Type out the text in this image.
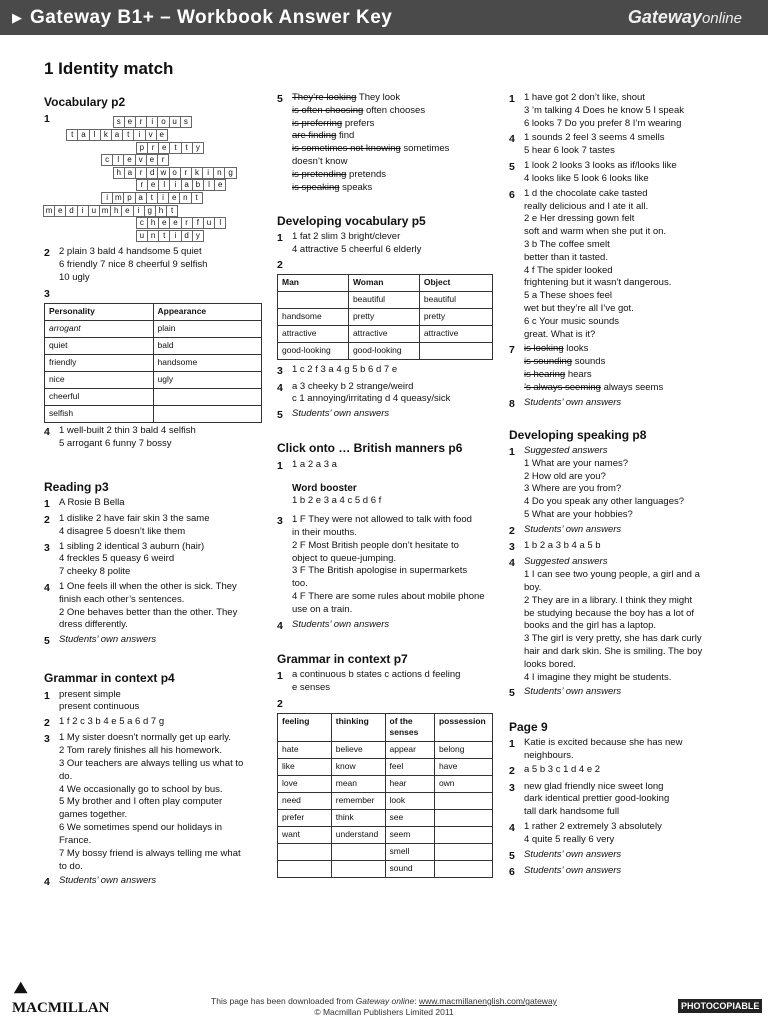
▶ Gateway B1+ – Workbook Answer Key	Gatewayonline
1 Identity match
Vocabulary p2
1	s e r	i	o u s
t a	l	k a t	i	v e
p r e t	t	y
c	l	e v e r
h a r d w o r k	i	n g
r e	l	i	a b	l	e
i m p a t	i	e n t
m e d	i	u m h e	i	g h t
c h e e r	f u	l
u n t	i	d y
2 2 plain 3 bald 4 handsome 5 quiet
6 friendly 7 nice 8 cheerful 9 selfish
10 ugly
3
Personality	Appearance
arrogant	plain
quiet	bald
friendly	handsome
nice	ugly
cheerful	
selfish	
4 1 well-built 2 thin 3 bald 4 selfish
5 arrogant 6 funny 7 bossy
Reading p3
1 A Rosie B Bella
2 1 dislike 2 have fair skin 3 the same
4 disagree 5 doesn’t like them
3 1 sibling 2 identical 3 auburn (hair)
4 freckles 5 queasy 6 weird
7 cheeky 8 polite
4 1 One feels ill when the other is sick. They
finish each other’s sentences.
2 One behaves better than the other. They
dress differently.
5 Students’ own answers
Grammar in context p4
1 present simple
present continuous
2 1 f 2 c 3 b 4 e 5 a 6 d 7 g
3 1 My sister doesn’t normally get up early.
2 Tom rarely finishes all his homework.
3 Our teachers are always telling us what to
do.
4 We occasionally go to school by bus.
5 My brother and I often play computer
games together.
6 We sometimes spend our holidays in
France.
7 My bossy friend is always telling me what
to do.
4 Students’ own answers
5 They’re looking They look
is often choosing often chooses
is preferring prefers
are finding find
is sometimes not knowing sometimes
doesn’t know
is pretending pretends
is speaking speaks
Developing vocabulary p5
1 1 fat 2 slim 3 bright/clever
4 attractive 5 cheerful 6 elderly
2
Man	Woman	Object
	beautiful	beautiful
handsome	pretty	pretty
attractive	attractive	attractive
good-looking	good-looking	
3 1 c 2 f 3 a 4 g 5 b 6 d 7 e
4 a 3 cheeky b 2 strange/weird
c 1 annoying/irritating d 4 queasy/sick
5 Students’ own answers
Click onto … British manners p6
1 1 a 2 a 3 a
Word booster
1 b 2 e 3 a 4 c 5 d 6 f
3 1 F They were not allowed to talk with food
in their mouths.
2 F Most British people don’t hesitate to
object to queue-jumping.
3 F The British apologise in supermarkets
too.
4 F There are some rules about mobile phone
use on a train.
4 Students’ own answers
Grammar in context p7
1 a continuous b states c actions d feeling
e senses
2
feeling	thinking	of the senses	possession
hate	believe	appear	belong
like	know	feel	have
love	mean	hear	own
need	remember	look	
prefer	think	see	
want	understand	seem	
		smell	
		sound	
1 1 have got 2 don’t like, shout
3 ’m talking 4 Does he know 5 I speak
6 looks 7 Do you prefer 8 I’m wearing
4 1 sounds 2 feel 3 seems 4 smells
5 hear 6 look 7 tastes
5 1 look 2 looks 3 looks as if/looks like
4 looks like 5 look 6 looks like
6 1 d the chocolate cake tasted
really delicious and I ate it all.
2 e Her dressing gown felt
soft and warm when she put it on.
3 b The coffee smelt
better than it tasted.
4 f The spider looked
frightening but it wasn’t dangerous.
5 a These shoes feel
wet but they’re all I’ve got.
6 c Your music sounds
great. What is it?
7 is looking looks
is sounding sounds
is hearing hears
’s always seeming always seems
8 Students’ own answers
Developing speaking p8
1 Suggested answers
1 What are your names?
2 How old are you?
3 Where are you from?
4 Do you speak any other languages?
5 What are your hobbies?
2 Students’ own answers
3 1 b 2 a 3 b 4 a 5 b
4 Suggested answers
1 I can see two young people, a girl and a
boy.
2 They are in a library. I think they might
be studying because the boy has a lot of
books and the girl has a laptop.
3 The girl is very pretty, she has dark curly
hair and dark skin. She is smiling. The boy
looks bored.
4 I imagine they might be students.
5 Students’ own answers
Page 9
1 Katie is excited because she has new
neighbours.
2 a 5 b 3 c 1 d 4 e 2
3 new glad friendly nice sweet long
dark identical prettier good-looking
tall dark handsome full
4 1 rather 2 extremely 3 absolutely
4 quite 5 really 6 very
5 Students’ own answers
6 Students’ own answers
⛰
MACMILLAN	This page has been downloaded from Gateway online: www.macmillanenglish.com/gateway
© Macmillan Publishers Limited 2011
PHOTOCOPIABLE
